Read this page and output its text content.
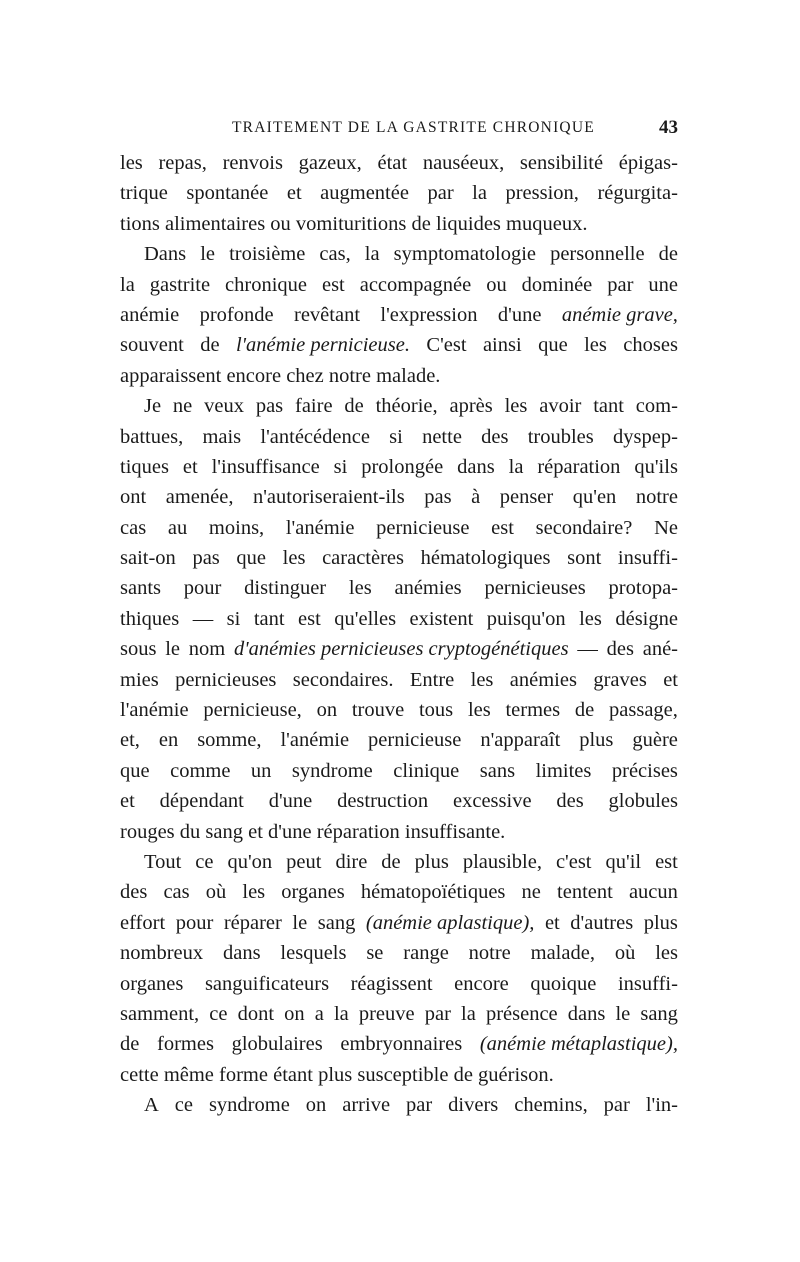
TRAITEMENT DE LA GASTRITE CHRONIQUE	43
les repas, renvois gazeux, état nauséeux, sensibilité épigas-
trique spontanée et augmentée par la pression, régurgita-
tions alimentaires ou vomituritions de liquides muqueux.
Dans le troisième cas, la symptomatologie personnelle de
la gastrite chronique est accompagnée ou dominée par une
anémie profonde revêtant l'expression d'une anémie grave,
souvent de l'anémie pernicieuse. C'est ainsi que les choses
apparaissent encore chez notre malade.
Je ne veux pas faire de théorie, après les avoir tant com-
battues, mais l'antécédence si nette des troubles dyspep-
tiques et l'insuffisance si prolongée dans la réparation qu'ils
ont amenée, n'autoriseraient-ils pas à penser qu'en notre
cas au moins, l'anémie pernicieuse est secondaire? Ne
sait-on pas que les caractères hématologiques sont insuffi-
sants pour distinguer les anémies pernicieuses protopa-
thiques — si tant est qu'elles existent puisqu'on les désigne
sous le nom d'anémies pernicieuses cryptogénétiques — des ané-
mies pernicieuses secondaires. Entre les anémies graves et
l'anémie pernicieuse, on trouve tous les termes de passage,
et, en somme, l'anémie pernicieuse n'apparaît plus guère
que comme un syndrome clinique sans limites précises
et dépendant d'une destruction excessive des globules
rouges du sang et d'une réparation insuffisante.
Tout ce qu'on peut dire de plus plausible, c'est qu'il est
des cas où les organes hématopoïétiques ne tentent aucun
effort pour réparer le sang (anémie aplastique), et d'autres plus
nombreux dans lesquels se range notre malade, où les
organes sanguificateurs réagissent encore quoique insuffi-
samment, ce dont on a la preuve par la présence dans le sang
de formes globulaires embryonnaires (anémie métaplastique),
cette même forme étant plus susceptible de guérison.
A ce syndrome on arrive par divers chemins, par l'in-
